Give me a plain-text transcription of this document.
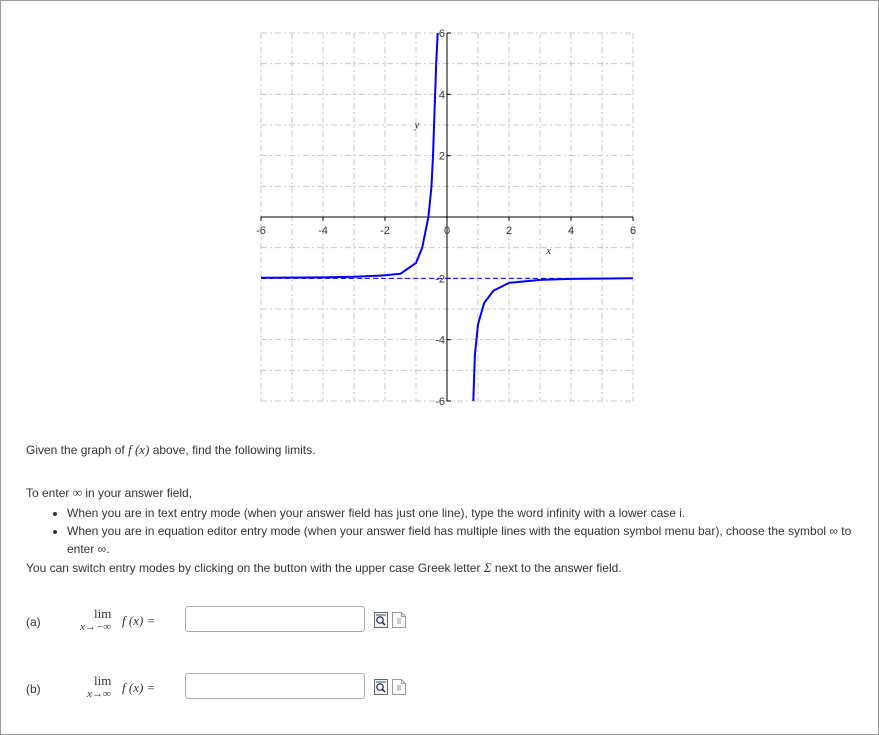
-6	-4	-2	0	2	4	6
6
4
2
-2
-4
-6
x
y
Given the graph of f (x) above, find the following limits.
To enter ∞ in your answer field,
• When you are in text entry mode (when your answer field has just one line), type the word infinity with a lower case i.
• When you are in equation editor entry mode (when your answer field has multiple lines with the equation symbol menu bar), choose the symbol ∞ to enter ∞.
You can switch entry modes by clicking on the button with the upper case Greek letter Σ next to the answer field.
(a)
lim
x→−∞ f (x) =
(b)
lim
x→∞ f (x) =
